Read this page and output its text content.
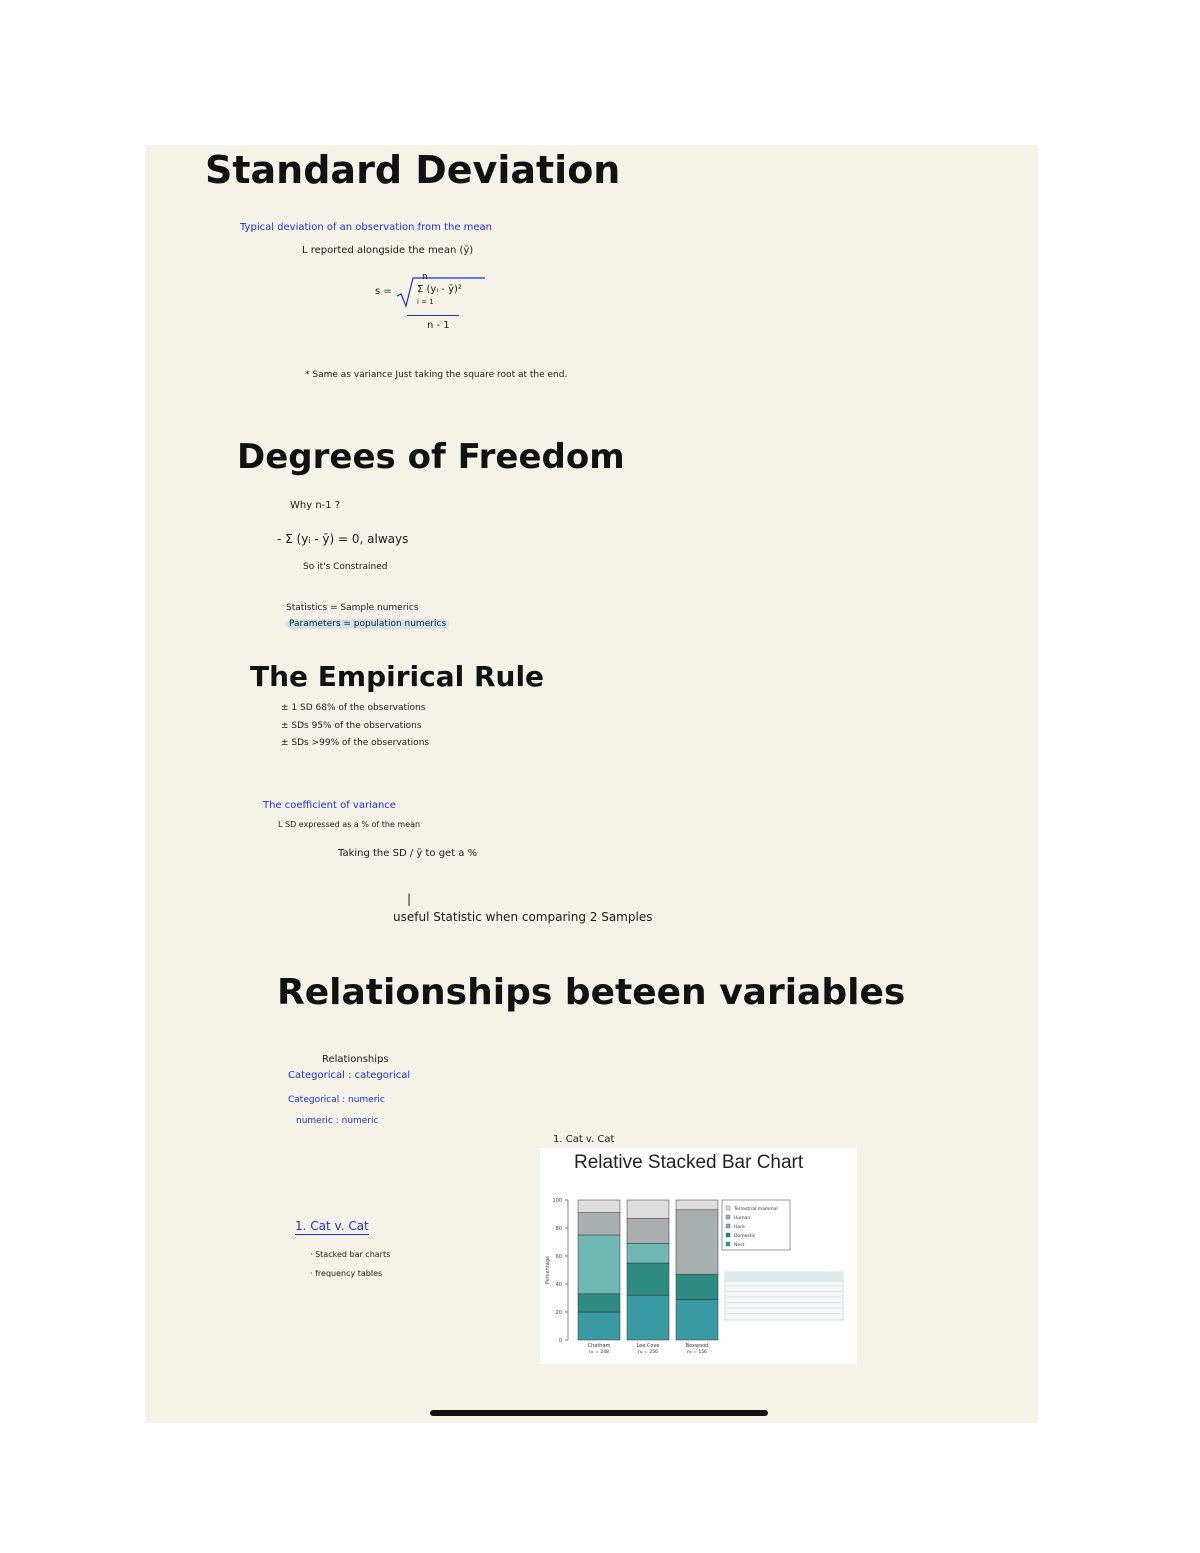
Standard Deviation
Typical deviation of an observation from the mean
L reported alongside the mean (ȳ)
s =
n
Σ (yᵢ - ȳ)²
i = 1
n - 1
* Same as variance Just taking the square root at the end.
Degrees of Freedom
Why n-1 ?
- Σ (yᵢ - ȳ) = 0, always
So it's Constrained
Statistics = Sample numerics
Parameters = population numerics
The Empirical Rule
± 1 SD 68% of the observations
± SDs 95% of the observations
± SDs >99% of the observations
The coefficient of variance
L SD expressed as a % of the mean
Taking the SD / ȳ to get a %
|
useful Statistic when comparing 2 Samples
Relationships beteen variables
Relationships
Categorical : categorical
Categorical : numeric
numeric : numeric
1. Cat v. Cat
· Stacked bar charts
· frequency tables
1. Cat v. Cat
Relative Stacked Bar Chart
0
20
40
60
80
100
Percentage
Chatham
n₁ = 248
Lee Cove
n₂ = 256
Boxwood
n₃ = 156
Terrestrial mammal
Human
Hare
Domestic
Nest
